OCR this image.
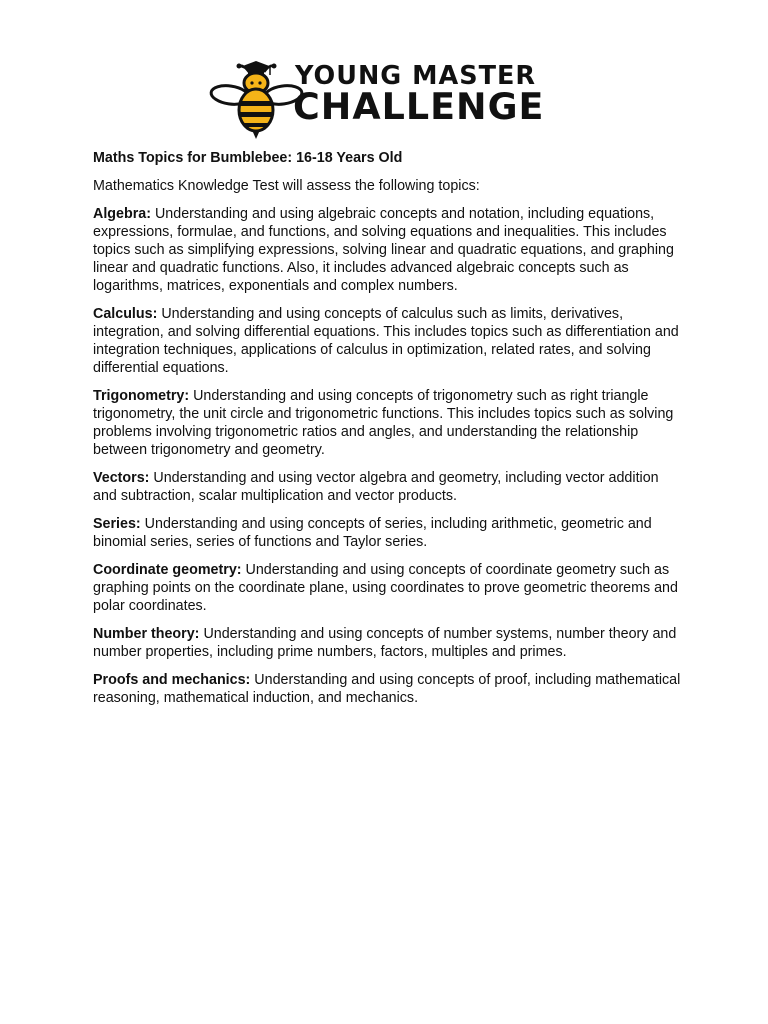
YOUNG MASTER
CHALLENGE

Maths Topics for Bumblebee: 16-18 Years Old

Mathematics Knowledge Test will assess the following topics:

Algebra: Understanding and using algebraic concepts and notation, including equations, expressions, formulae, and functions, and solving equations and inequalities. This includes topics such as simplifying expressions, solving linear and quadratic equations, and graphing linear and quadratic functions. Also, it includes advanced algebraic concepts such as logarithms, matrices, exponentials and complex numbers.

Calculus: Understanding and using concepts of calculus such as limits, derivatives, integration, and solving differential equations. This includes topics such as differentiation and integration techniques, applications of calculus in optimization, related rates, and solving differential equations.

Trigonometry: Understanding and using concepts of trigonometry such as right triangle trigonometry, the unit circle and trigonometric functions. This includes topics such as solving problems involving trigonometric ratios and angles, and understanding the relationship between trigonometry and geometry.

Vectors: Understanding and using vector algebra and geometry, including vector addition and subtraction, scalar multiplication and vector products.

Series: Understanding and using concepts of series, including arithmetic, geometric and binomial series, series of functions and Taylor series.

Coordinate geometry: Understanding and using concepts of coordinate geometry such as graphing points on the coordinate plane, using coordinates to prove geometric theorems and polar coordinates.

Number theory: Understanding and using concepts of number systems, number theory and number properties, including prime numbers, factors, multiples and primes.

Proofs and mechanics: Understanding and using concepts of proof, including mathematical reasoning, mathematical induction, and mechanics.
